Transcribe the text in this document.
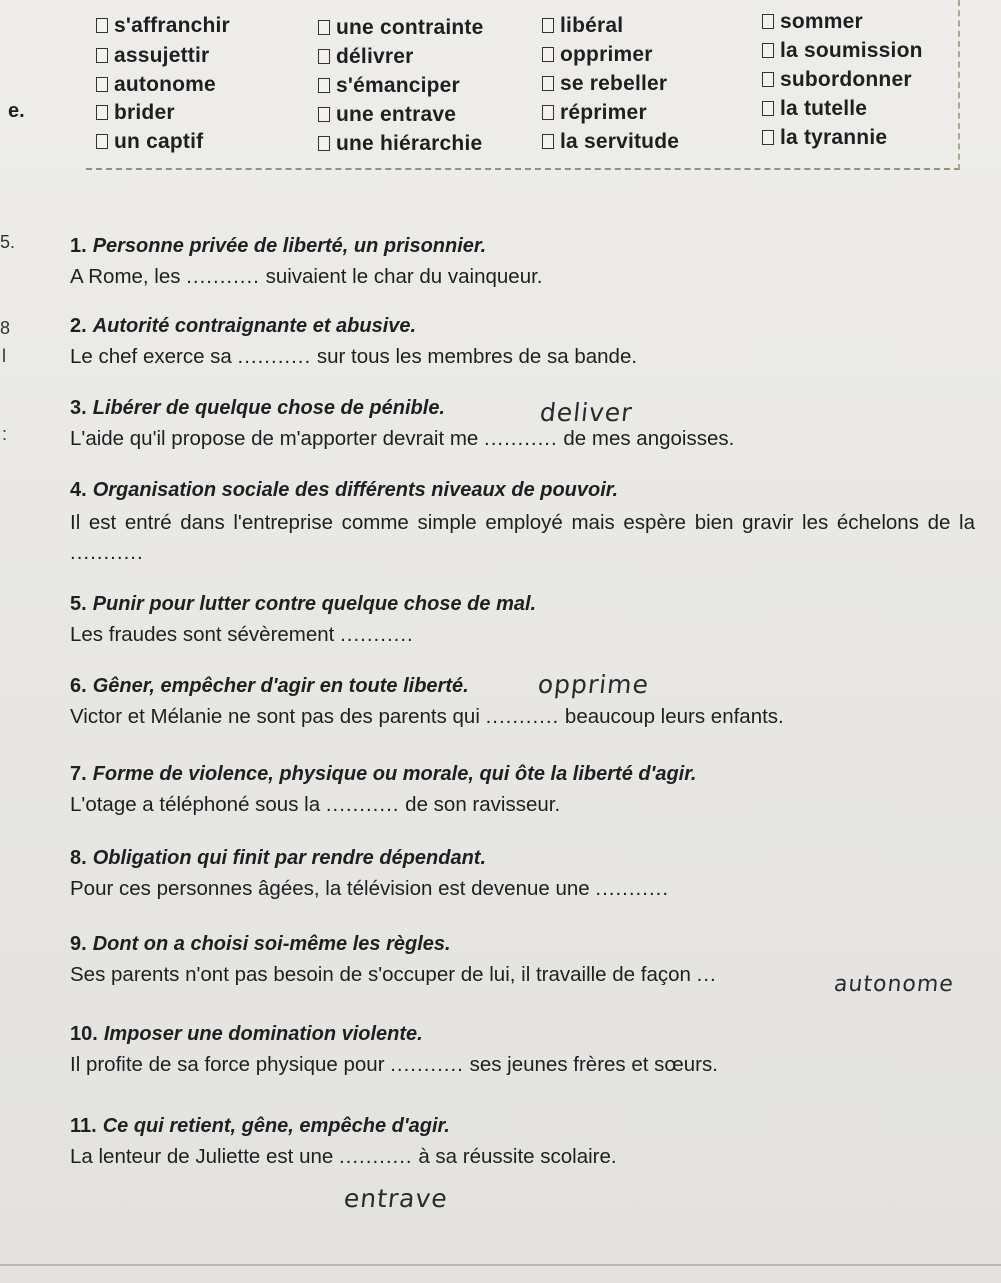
e.
s'affranchir	une contrainte	libéral	sommer
assujettir	délivrer	opprimer	la soumission
autonome	s'émanciper	se rebeller	subordonner
brider	une entrave	réprimer	la tutelle
un captif	une hiérarchie	la servitude	la tyrannie
5.
8
l
:
1. Personne privée de liberté, un prisonnier.
A Rome, les ........... suivaient le char du vainqueur.
2. Autorité contraignante et abusive.
Le chef exerce sa ........... sur tous les membres de sa bande.
3. Libérer de quelque chose de pénible.
L'aide qu'il propose de m'apporter devrait me ........... de mes angoisses.
deliver
4. Organisation sociale des différents niveaux de pouvoir.
Il est entré dans l'entreprise comme simple employé mais espère bien gravir les échelons de la ...........
5. Punir pour lutter contre quelque chose de mal.
Les fraudes sont sévèrement ...........
6. Gêner, empêcher d'agir en toute liberté.
Victor et Mélanie ne sont pas des parents qui ........... beaucoup leurs enfants.
opprime
7. Forme de violence, physique ou morale, qui ôte la liberté d'agir.
L'otage a téléphoné sous la ........... de son ravisseur.
8. Obligation qui finit par rendre dépendant.
Pour ces personnes âgées, la télévision est devenue une ...........
9. Dont on a choisi soi-même les règles.
Ses parents n'ont pas besoin de s'occuper de lui, il travaille de façon ...	autonome
10. Imposer une domination violente.
Il profite de sa force physique pour ........... ses jeunes frères et sœurs.
11. Ce qui retient, gêne, empêche d'agir.
La lenteur de Juliette est une ........... à sa réussite scolaire.
entrave
